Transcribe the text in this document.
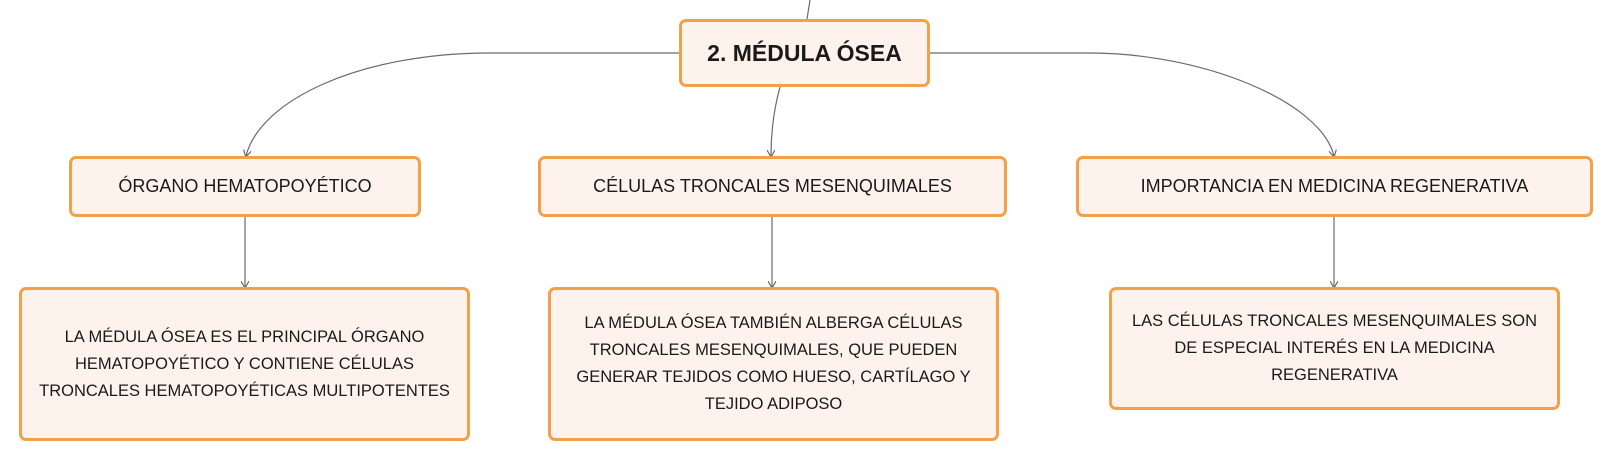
2. MÉDULA ÓSEA
ÓRGANO HEMATOPOYÉTICO	CÉLULAS TRONCALES MESENQUIMALES	IMPORTANCIA EN MEDICINA REGENERATIVA
LA MÉDULA ÓSEA ES EL PRINCIPAL ÓRGANO HEMATOPOYÉTICO Y CONTIENE CÉLULAS TRONCALES HEMATOPOYÉTICAS MULTIPOTENTES
LA MÉDULA ÓSEA TAMBIÉN ALBERGA CÉLULAS TRONCALES MESENQUIMALES, QUE PUEDEN GENERAR TEJIDOS COMO HUESO, CARTÍLAGO Y TEJIDO ADIPOSO
LAS CÉLULAS TRONCALES MESENQUIMALES SON DE ESPECIAL INTERÉS EN LA MEDICINA REGENERATIVA
